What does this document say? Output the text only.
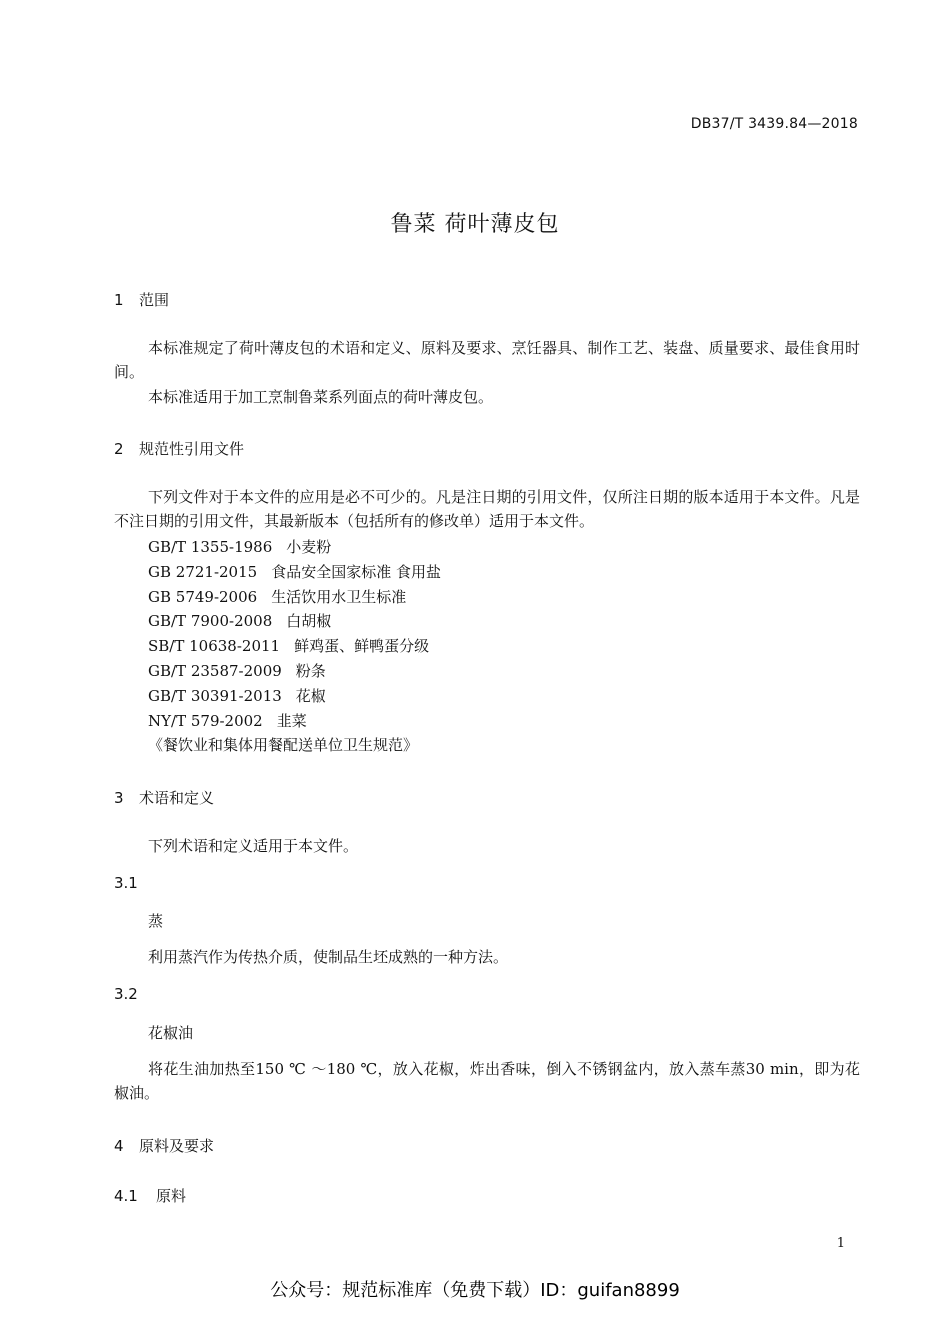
DB37/T 3439.84—2018
鲁菜 荷叶薄皮包
1 范围
本标准规定了荷叶薄皮包的术语和定义、原料及要求、烹饪器具、制作工艺、装盘、质量要求、最佳食用时间。
本标准适用于加工烹制鲁菜系列面点的荷叶薄皮包。
2 规范性引用文件
下列文件对于本文件的应用是必不可少的。凡是注日期的引用文件，仅所注日期的版本适用于本文件。凡是不注日期的引用文件，其最新版本（包括所有的修改单）适用于本文件。
GB/T 1355-1986 小麦粉
GB 2721-2015 食品安全国家标准 食用盐
GB 5749-2006 生活饮用水卫生标准
GB/T 7900-2008 白胡椒
SB/T 10638-2011 鲜鸡蛋、鲜鸭蛋分级
GB/T 23587-2009 粉条
GB/T 30391-2013 花椒
NY/T 579-2002 韭菜
《餐饮业和集体用餐配送单位卫生规范》
3 术语和定义
下列术语和定义适用于本文件。
3.1
蒸
利用蒸汽作为传热介质，使制品生坯成熟的一种方法。
3.2
花椒油
将花生油加热至150 ℃ ～180 ℃，放入花椒，炸出香味，倒入不锈钢盆内，放入蒸车蒸30 min，即为花椒油。
4 原料及要求
4.1 原料
1
公众号：规范标准库（免费下载）ID：guifan8899
